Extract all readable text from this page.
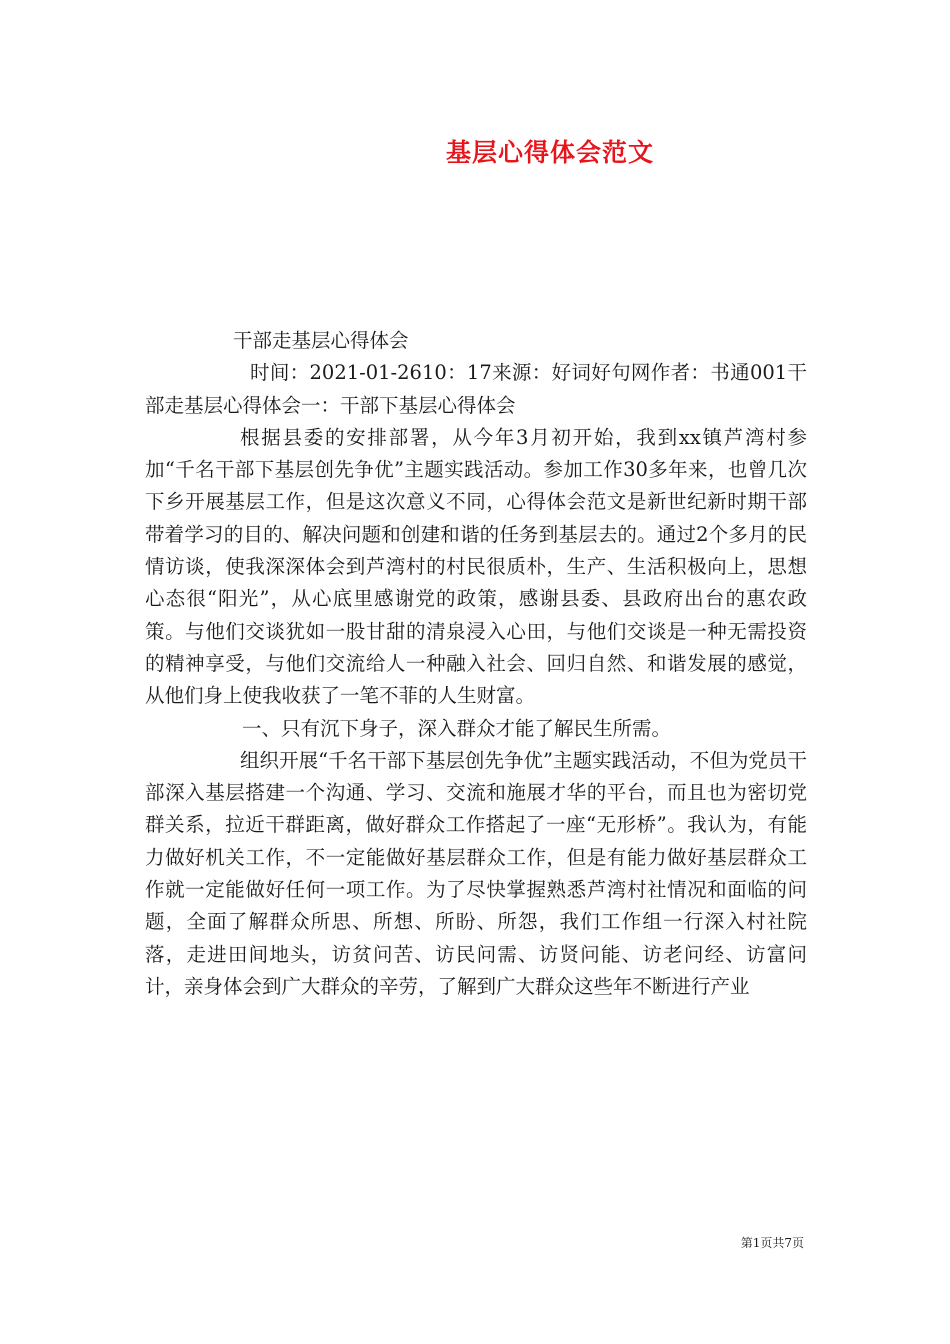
基层心得体会范文

干部走基层心得体会

时间：2021-01-2610：17来源：好词好句网作者：书通001干部走基层心得体会一：干部下基层心得体会

根据县委的安排部署，从今年3月初开始，我到xx镇芦湾村参加“千名干部下基层创先争优”主题实践活动。参加工作30多年来，也曾几次下乡开展基层工作，但是这次意义不同，心得体会范文是新世纪新时期干部带着学习的目的、解决问题和创建和谐的任务到基层去的。通过2个多月的民情访谈，使我深深体会到芦湾村的村民很质朴，生产、生活积极向上，思想心态很“阳光”，从心底里感谢党的政策，感谢县委、县政府出台的惠农政策。与他们交谈犹如一股甘甜的清泉浸入心田，与他们交谈是一种无需投资的精神享受，与他们交流给人一种融入社会、回归自然、和谐发展的感觉，从他们身上使我收获了一笔不菲的人生财富。

一、只有沉下身子，深入群众才能了解民生所需。

组织开展“千名干部下基层创先争优”主题实践活动，不但为党员干部深入基层搭建一个沟通、学习、交流和施展才华的平台，而且也为密切党群关系，拉近干群距离，做好群众工作搭起了一座“无形桥”。我认为，有能力做好机关工作，不一定能做好基层群众工作，但是有能力做好基层群众工作就一定能做好任何一项工作。为了尽快掌握熟悉芦湾村社情况和面临的问题，全面了解群众所思、所想、所盼、所怨，我们工作组一行深入村社院落，走进田间地头，访贫问苦、访民问需、访贤问能、访老问经、访富问计，亲身体会到广大群众的辛劳，了解到广大群众这些年不断进行产业

第1页共7页
